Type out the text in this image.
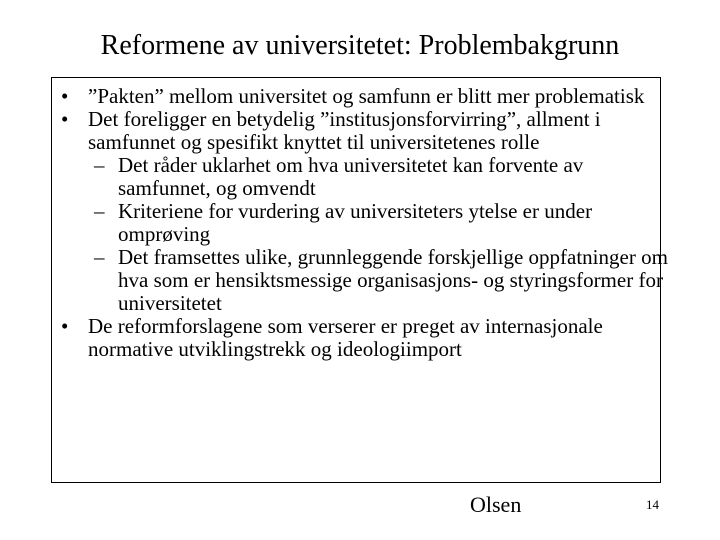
Reformene av universitetet: Problembakgrunn
• ”Pakten” mellom universitet og samfunn er blitt mer problematisk
• Det foreligger en betydelig ”institusjonsforvirring”, allment i samfunnet og spesifikt knyttet til universitetenes rolle
– Det råder uklarhet om hva universitetet kan forvente av samfunnet, og omvendt
– Kriteriene for vurdering av universiteters ytelse er under omprøving
– Det framsettes ulike, grunnleggende forskjellige oppfatninger om hva som er hensiktsmessige organisasjons- og styringsformer for universitetet
• De reformforslagene som verserer er preget av internasjonale normative utviklingstrekk og ideologiimport
Olsen	14
